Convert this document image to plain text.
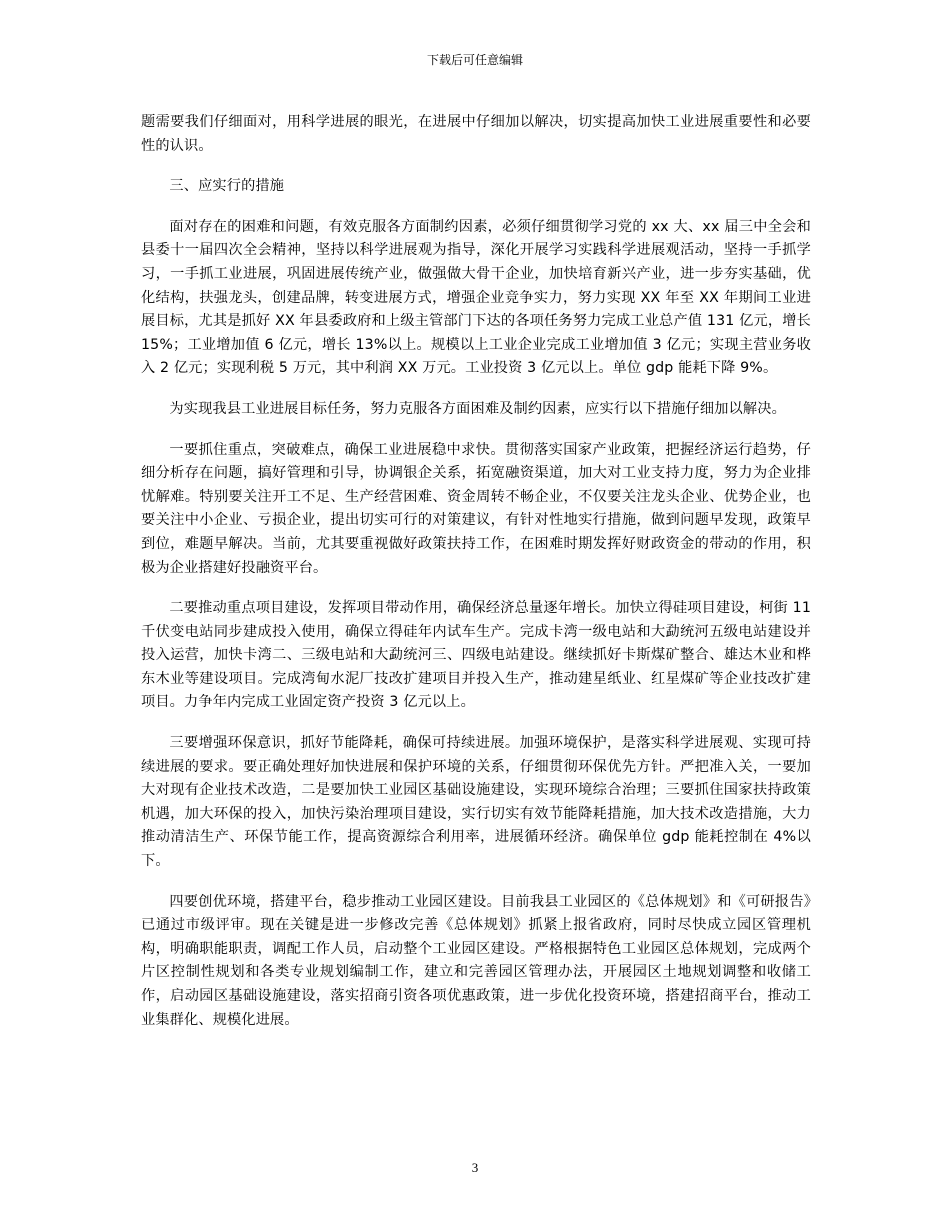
下载后可任意编辑

题需要我们仔细面对，用科学进展的眼光，在进展中仔细加以解决，切实提高加快工业进展重要性和必要性的认识。

三、应实行的措施

面对存在的困难和问题，有效克服各方面制约因素，必须仔细贯彻学习党的 xx 大、xx 届三中全会和县委十一届四次全会精神，坚持以科学进展观为指导，深化开展学习实践科学进展观活动，坚持一手抓学习，一手抓工业进展，巩固进展传统产业，做强做大骨干企业，加快培育新兴产业，进一步夯实基础，优化结构，扶强龙头，创建品牌，转变进展方式，增强企业竞争实力，努力实现 XX 年至 XX 年期间工业进展目标，尤其是抓好 XX 年县委政府和上级主管部门下达的各项任务努力完成工业总产值 131 亿元，增长 15%；工业增加值 6 亿元，增长 13%以上。规模以上工业企业完成工业增加值 3 亿元；实现主营业务收入 2 亿元；实现利税 5 万元，其中利润 XX 万元。工业投资 3 亿元以上。单位 gdp 能耗下降 9%。

为实现我县工业进展目标任务，努力克服各方面困难及制约因素，应实行以下措施仔细加以解决。

一要抓住重点，突破难点，确保工业进展稳中求快。贯彻落实国家产业政策，把握经济运行趋势，仔细分析存在问题，搞好管理和引导，协调银企关系，拓宽融资渠道，加大对工业支持力度，努力为企业排忧解难。特别要关注开工不足、生产经营困难、资金周转不畅企业，不仅要关注龙头企业、优势企业，也要关注中小企业、亏损企业，提出切实可行的对策建议，有针对性地实行措施，做到问题早发现，政策早到位，难题早解决。当前，尤其要重视做好政策扶持工作，在困难时期发挥好财政资金的带动的作用，积极为企业搭建好投融资平台。

二要推动重点项目建设，发挥项目带动作用，确保经济总量逐年增长。加快立得硅项目建设，柯街 11 千伏变电站同步建成投入使用，确保立得硅年内试车生产。完成卡湾一级电站和大勐统河五级电站建设并投入运营，加快卡湾二、三级电站和大勐统河三、四级电站建设。继续抓好卡斯煤矿整合、雄达木业和桦东木业等建设项目。完成湾甸水泥厂技改扩建项目并投入生产，推动建星纸业、红星煤矿等企业技改扩建项目。力争年内完成工业固定资产投资 3 亿元以上。

三要增强环保意识，抓好节能降耗，确保可持续进展。加强环境保护，是落实科学进展观、实现可持续进展的要求。要正确处理好加快进展和保护环境的关系，仔细贯彻环保优先方针。严把准入关，一要加大对现有企业技术改造，二是要加快工业园区基础设施建设，实现环境综合治理；三要抓住国家扶持政策机遇，加大环保的投入，加快污染治理项目建设，实行切实有效节能降耗措施，加大技术改造措施，大力推动清洁生产、环保节能工作，提高资源综合利用率，进展循环经济。确保单位 gdp 能耗控制在 4%以下。

四要创优环境，搭建平台，稳步推动工业园区建设。目前我县工业园区的《总体规划》和《可研报告》已通过市级评审。现在关键是进一步修改完善《总体规划》抓紧上报省政府，同时尽快成立园区管理机构，明确职能职责，调配工作人员，启动整个工业园区建设。严格根据特色工业园区总体规划，完成两个片区控制性规划和各类专业规划编制工作，建立和完善园区管理办法，开展园区土地规划调整和收储工作，启动园区基础设施建设，落实招商引资各项优惠政策，进一步优化投资环境，搭建招商平台，推动工业集群化、规模化进展。

3
